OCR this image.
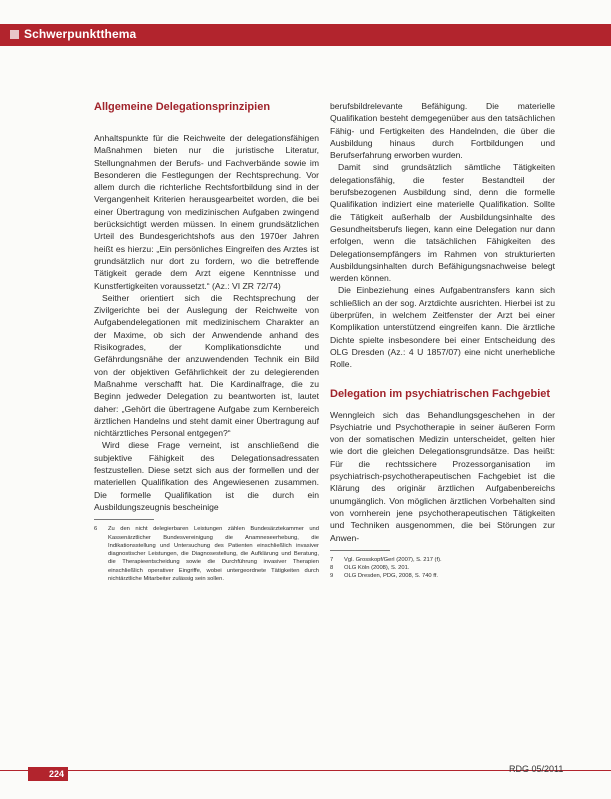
Schwerpunktthema
Allgemeine Delegationsprinzipien

Anhaltspunkte für die Reichweite der delegationsfähigen Maßnahmen bieten nur die juristische Literatur, Stellungnahmen der Berufs- und Fachverbände sowie im Besonderen die Festlegungen der Rechtsprechung. Vor allem durch die richterliche Rechtsfortbildung sind in der Vergangenheit Kriterien herausgearbeitet worden, die bei einer Übertragung von medizinischen Aufgaben zwingend berücksichtigt werden müssen. In einem grundsätzlichen Urteil des Bundesgerichtshofs aus den 1970er Jahren heißt es hierzu: „Ein persönliches Eingreifen des Arztes ist grundsätzlich nur dort zu fordern, wo die betreffende Tätigkeit gerade dem Arzt eigene Kenntnisse und Kunstfertigkeiten voraussetzt.“ (Az.: VI ZR 72/74)

Seither orientiert sich die Rechtsprechung der Zivilgerichte bei der Auslegung der Reichweite von Aufgabendelegationen mit medizinischem Charakter an der Maxime, ob sich der Anwendende anhand des Risikogrades, der Komplikationsdichte und Gefährdungsnähe der anzuwendenden Technik ein Bild von der objektiven Gefährlichkeit der zu delegierenden Maßnahme verschafft hat. Die Kardinalfrage, die zu Beginn jedweder Delegation zu beantworten ist, lautet daher: „Gehört die übertragene Aufgabe zum Kernbereich ärztlichen Handelns und steht damit einer Übertragung auf nichtärztliches Personal entgegen?“

Wird diese Frage verneint, ist anschließend die subjektive Fähigkeit des Delegationsadressaten festzustellen. Diese setzt sich aus der formellen und der materiellen Qualifikation des Angewiesenen zusammen. Die formelle Qualifikation ist die durch ein Ausbildungszeugnis bescheinige

6	Zu den nicht delegierbaren Leistungen zählen Bundesärztekammer und Kassenärztlicher Bundesvereinigung die Anamneseerhebung, die Indikationsstellung und Untersuchung des Patienten einschließlich invasiver diagnostischer Leistungen, die Diagnosestellung, die Aufklärung und Beratung, die Therapieentscheidung sowie die Durchführung invasiver Therapien einschließlich operativer Eingriffe, wobei untergeordnete Tätigkeiten durch nichtärztliche Mitarbeiter zulässig sein sollen.

berufsbildrelevante Befähigung. Die materielle Qualifikation besteht demgegenüber aus den tatsächlichen Fähig- und Fertigkeiten des Handelnden, die über die Ausbildung hinaus durch Fortbildungen und Berufserfahrung erworben wurden.

Damit sind grundsätzlich sämtliche Tätigkeiten delegationsfähig, die fester Bestandteil der berufsbezogenen Ausbildung sind, denn die formelle Qualifikation indiziert eine materielle Qualifikation. Sollte die Tätigkeit außerhalb der Ausbildungsinhalte des Gesundheitsberufs liegen, kann eine Delegation nur dann erfolgen, wenn die tatsächlichen Fähigkeiten des Delegationsempfängers im Rahmen von strukturierten Ausbildungsinhalten durch Befähigungsnachweise belegt werden können.

Die Einbeziehung eines Aufgabentransfers kann sich schließlich an der sog. Arztdichte ausrichten. Hierbei ist zu überprüfen, in welchem Zeitfenster der Arzt bei einer Komplikation unterstützend eingreifen kann. Die ärztliche Dichte spielte insbesondere bei einer Entscheidung des OLG Dresden (Az.: 4 U 1857/07) eine nicht unerhebliche Rolle.

Delegation im psychiatrischen Fachgebiet

Wenngleich sich das Behandlungsgeschehen in der Psychiatrie und Psychotherapie in seiner äußeren Form von der somatischen Medizin unterscheidet, gelten hier wie dort die gleichen Delegationsgrundsätze. Das heißt: Für die rechtssichere Prozessorganisation im psychiatrisch-psychotherapeutischen Fachgebiet ist die Klärung des originär ärztlichen Aufgabenbereichs unumgänglich. Von möglichen ärztlichen Vorbehalten sind von vornherein jene psychotherapeutischen Tätigkeiten und Techniken ausgenommen, die bei Störungen zur Anwen-

7	Vgl. Grosskopf/Gerl (2007), S. 217 (f).
8	OLG Köln (2008), S. 201.
9	OLG Dresden, PDG, 2008, S. 740 ff.
224	RDG 05/2011
